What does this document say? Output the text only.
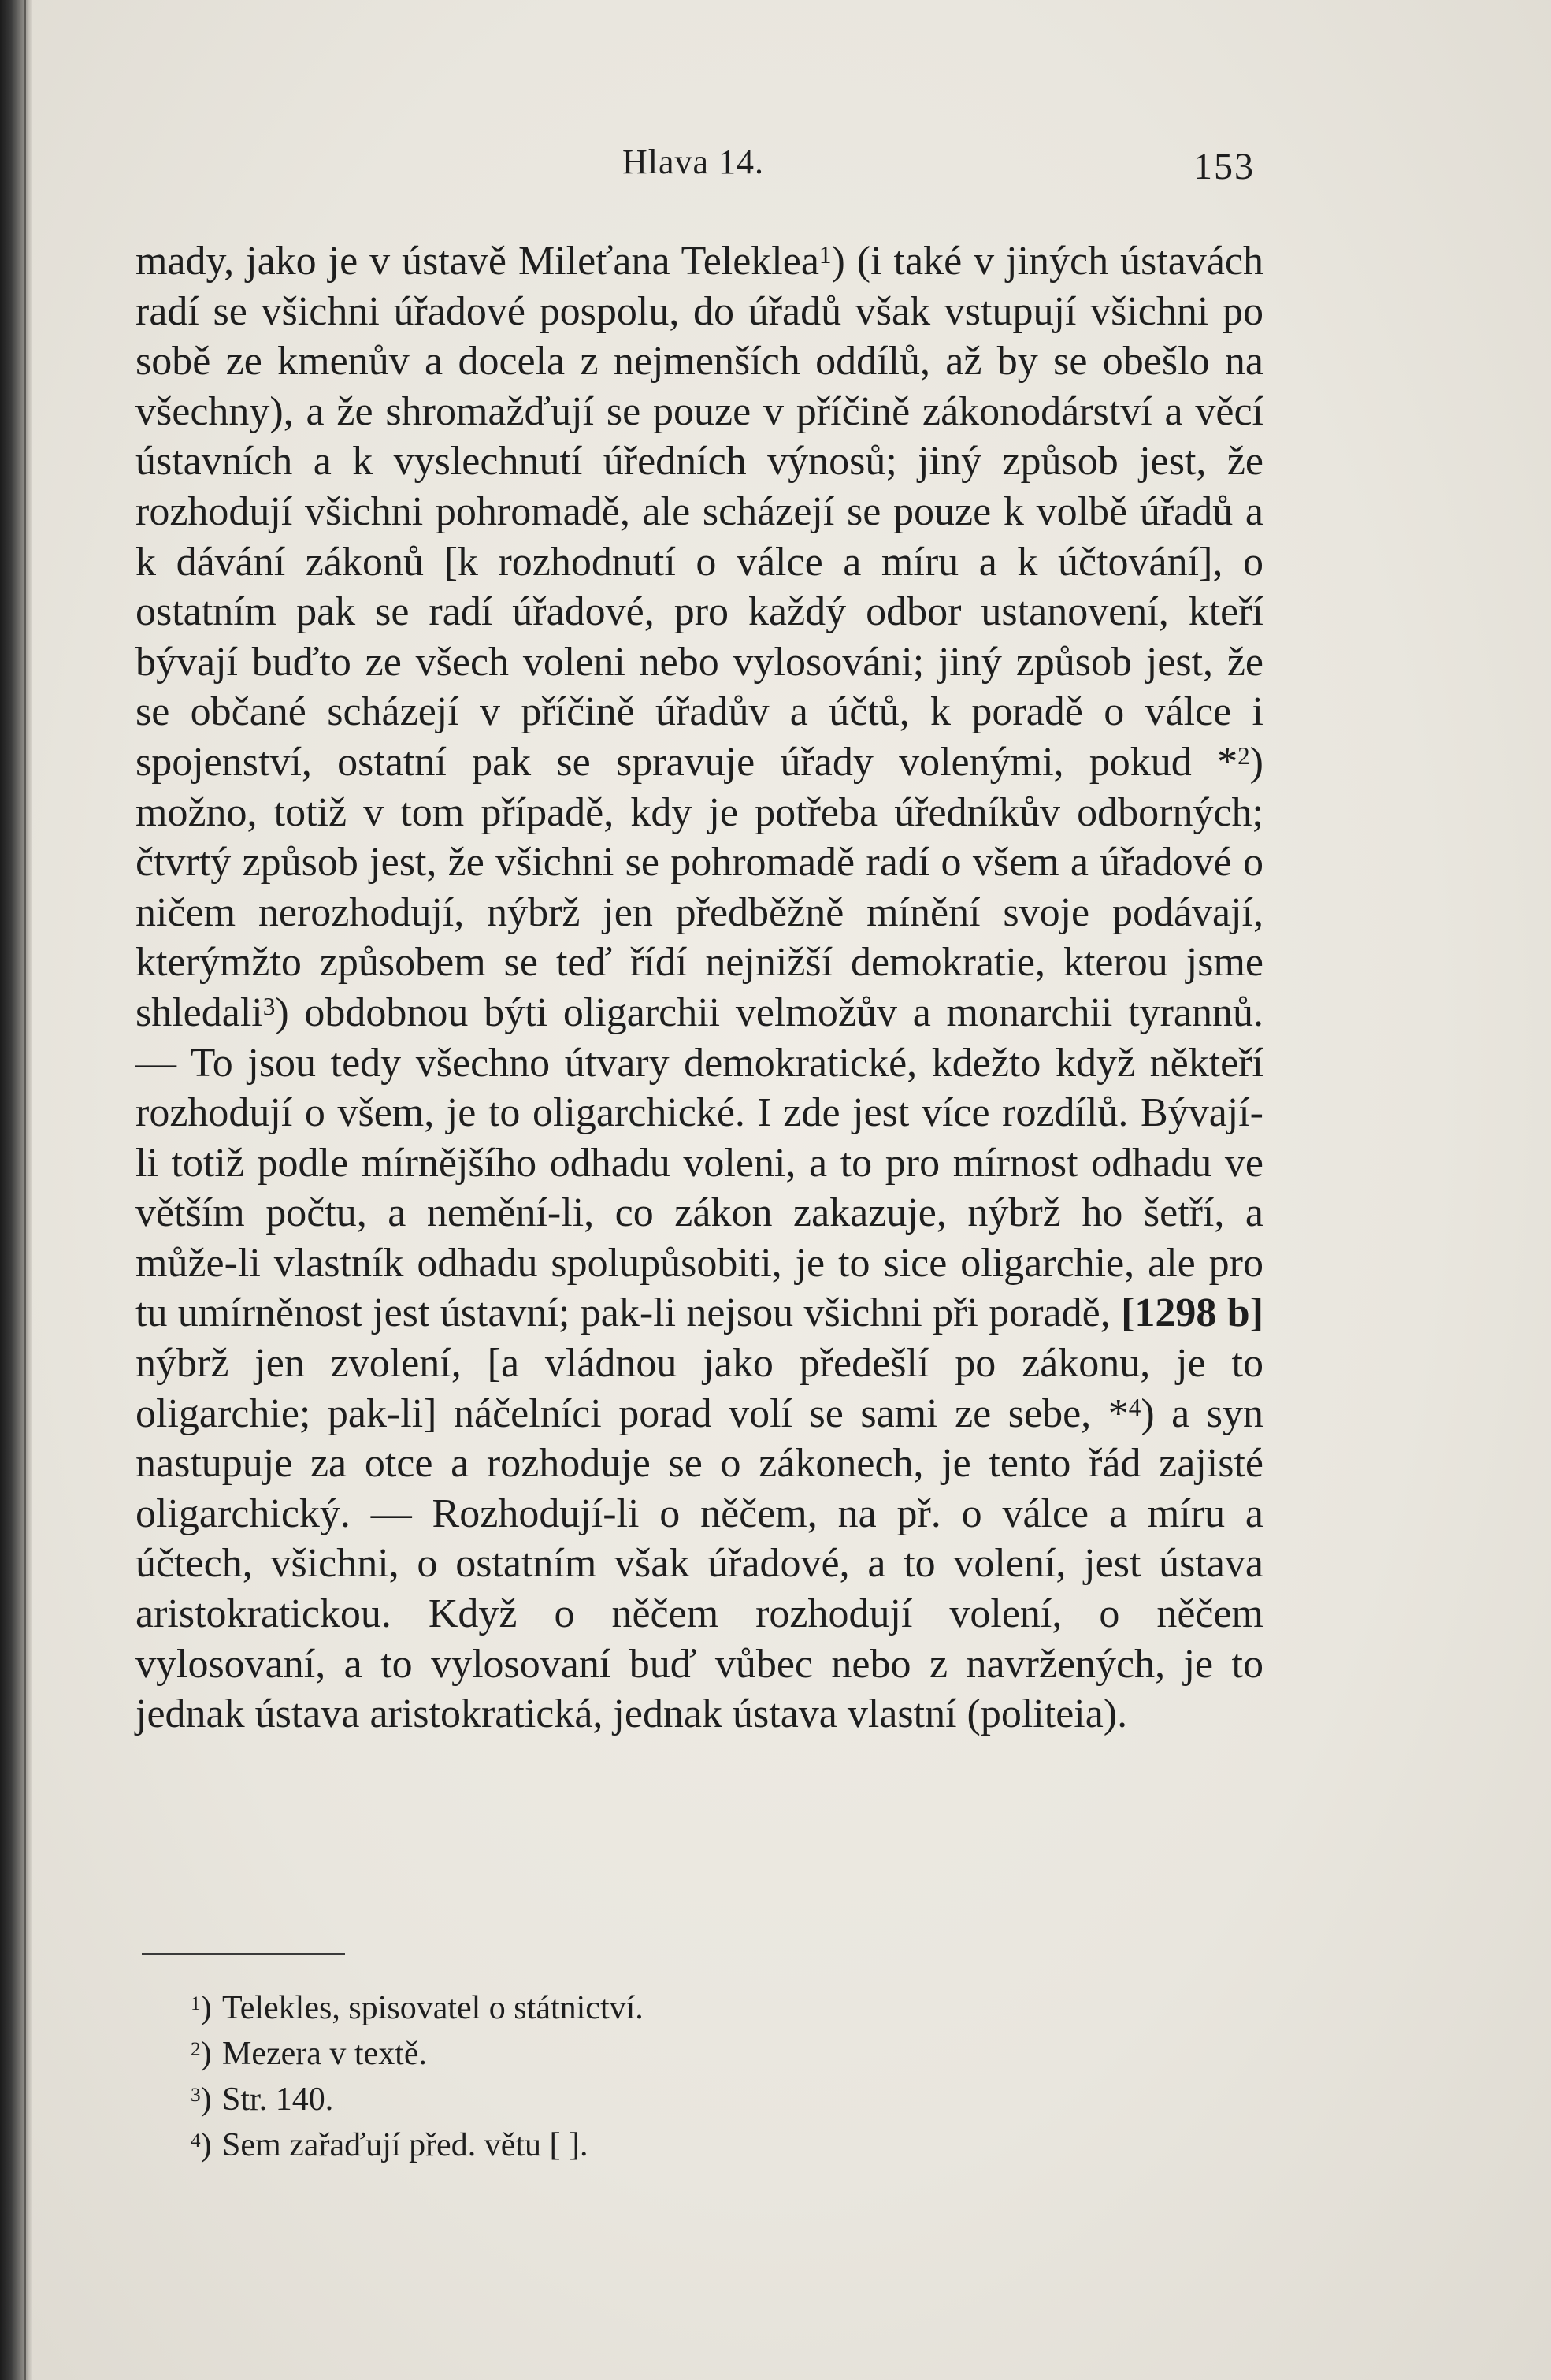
Hlava 14.	153

mady, jako je v ústavě Mileťana Teleklea$^1$) (i také v jiných ústavách radí se všichni úřadové pospolu, do úřadů však vstupují všichni po sobě ze kmenův a docela z nejmenších oddílů, až by se obešlo na všechny), a že shromažďují se pouze v příčině zákonodárství a věcí ústavních a k vyslechnutí úředních výnosů; jiný způsob jest, že rozhodují všichni pohromadě, ale scházejí se pouze k volbě úřadů a k dávání zákonů [k rozhodnutí o válce a míru a k účtování], o ostatním pak se radí úřadové, pro každý odbor ustanovení, kteří bývají buďto ze všech voleni nebo vylosováni; jiný způsob jest, že se občané scházejí v příčině úřadův a účtů, k poradě o válce i spojenství, ostatní pak se spravuje úřady volenými, pokud *$^2$) možno, totiž v tom případě, kdy je potřeba úředníkův odborných; čtvrtý způsob jest, že všichni se pohromadě radí o všem a úřadové o ničem nerozhodují, nýbrž jen předběžně mínění svoje podávají, kterýmžto způsobem se teď řídí nejnižší demokratie, kterou jsme shledali$^3$) obdobnou býti oligarchii velmožův a monarchii tyrannů. — To jsou tedy všechno útvary demokratické, kdežto když někteří rozhodují o všem, je to oligarchické. I zde jest více rozdílů. Bývají-li totiž podle mírnějšího odhadu voleni, a to pro mírnost odhadu ve větším počtu, a nemění-li, co zákon zakazuje, nýbrž ho šetří, a může-li vlastník odhadu spolupůsobiti, je to sice oligarchie, ale pro tu umírněnost jest ústavní; pak-li nejsou všichni při poradě, [1298 b] nýbrž jen zvolení, [a vládnou jako předešlí po zákonu, je to oligarchie; pak-li] náčelníci porad volí se sami ze sebe, *$^4$) a syn nastupuje za otce a rozhoduje se o zákonech, je tento řád zajisté oligarchický. — Rozhodují-li o něčem, na př. o válce a míru a účtech, všichni, o ostatním však úřadové, a to volení, jest ústava aristokratickou. Když o něčem rozhodují volení, o něčem vylosovaní, a to vylosovaní buď vůbec nebo z navržených, je to jednak ústava aristokratická, jednak ústava vlastní (politeia).

$^1$) Telekles, spisovatel o státnictví.
$^2$) Mezera v textě.
$^3$) Str. 140.
$^4$) Sem zařaďují před. větu [ ].
